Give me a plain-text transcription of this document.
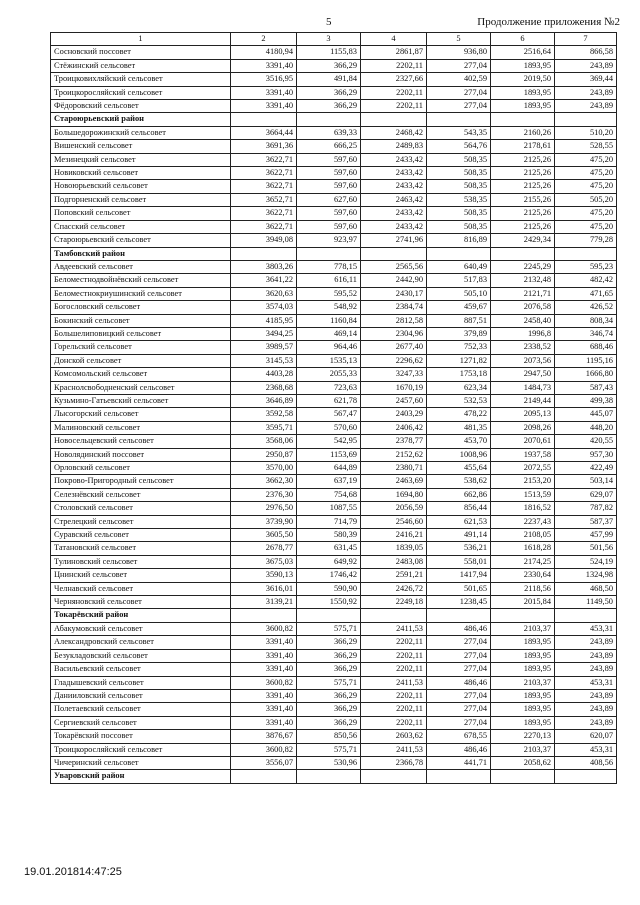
5	Продолжение приложения №2
1	2	3	4	5	6	7
Сосновский поссовет	4180,94	1155,83	2861,87	936,80	2516,64	866,58
Стёжинский сельсовет	3391,40	366,29	2202,11	277,04	1893,95	243,89
Троицковихляйский сельсовет	3516,95	491,84	2327,66	402,59	2019,50	369,44
Троицкоросляйский сельсовет	3391,40	366,29	2202,11	277,04	1893,95	243,89
Фёдоровский сельсовет	3391,40	366,29	2202,11	277,04	1893,95	243,89
Староюрьевский район						
Большедорожинский сельсовет	3664,44	639,33	2468,42	543,35	2160,26	510,20
Вишенский сельсовет	3691,36	666,25	2489,83	564,76	2178,61	528,55
Мезинецкий сельсовет	3622,71	597,60	2433,42	508,35	2125,26	475,20
Новиковский сельсовет	3622,71	597,60	2433,42	508,35	2125,26	475,20
Новоюрьевский сельсовет	3622,71	597,60	2433,42	508,35	2125,26	475,20
Подгорненский сельсовет	3652,71	627,60	2463,42	538,35	2155,26	505,20
Поповский сельсовет	3622,71	597,60	2433,42	508,35	2125,26	475,20
Спасский сельсовет	3622,71	597,60	2433,42	508,35	2125,26	475,20
Староюрьевский сельсовет	3949,08	923,97	2741,96	816,89	2429,34	779,28
Тамбовский район						
Авдеевский сельсовет	3803,26	778,15	2565,56	640,49	2245,29	595,23
Беломестнодвойнёвский сельсовет	3641,22	616,11	2442,90	517,83	2132,48	482,42
Беломестнокриушинский сельсовет	3620,63	595,52	2430,17	505,10	2121,71	471,65
Богословский сельсовет	3574,03	548,92	2384,74	459,67	2076,58	426,52
Бокинский сельсовет	4185,95	1160,84	2812,58	887,51	2458,40	808,34
Большелиповицкий сельсовет	3494,25	469,14	2304,96	379,89	1996,8	346,74
Горельский сельсовет	3989,57	964,46	2677,40	752,33	2338,52	688,46
Донской сельсовет	3145,53	1535,13	2296,62	1271,82	2073,56	1195,16
Комсомольский сельсовет	4403,28	2055,33	3247,33	1753,18	2947,50	1666,80
Краснолсвободненский сельсовет	2368,68	723,63	1670,19	623,34	1484,73	587,43
Кузьмино-Гатьевский сельсовет	3646,89	621,78	2457,60	532,53	2149,44	499,38
Лысогорский сельсовет	3592,58	567,47	2403,29	478,22	2095,13	445,07
Малиновский сельсовет	3595,71	570,60	2406,42	481,35	2098,26	448,20
Новосельцевский сельсовет	3568,06	542,95	2378,77	453,70	2070,61	420,55
Новолядинский поссовет	2950,87	1153,69	2152,62	1008,96	1937,58	957,30
Орловский сельсовет	3570,00	644,89	2380,71	455,64	2072,55	422,49
Покрово-Пригородный сельсовет	3662,30	637,19	2463,69	538,62	2153,20	503,14
Селезнёвский сельсовет	2376,30	754,68	1694,80	662,86	1513,59	629,07
Столовский сельсовет	2976,50	1087,55	2056,59	856,44	1816,52	787,82
Стрелецкий сельсовет	3739,90	714,79	2546,60	621,53	2237,43	587,37
Суравский сельсовет	3605,50	580,39	2416,21	491,14	2108,05	457,99
Татановский сельсовет	2678,77	631,45	1839,05	536,21	1618,28	501,56
Тулиновский сельсовет	3675,03	649,92	2483,08	558,01	2174,25	524,19
Цнинский сельсовет	3590,13	1746,42	2591,21	1417,94	2330,64	1324,98
Челнавский сельсовет	3616,01	590,90	2426,72	501,65	2118,56	468,50
Черняновский сельсовет	3139,21	1550,92	2249,18	1238,45	2015,84	1149,50
Токарёвский район						
Абакумовский сельсовет	3600,82	575,71	2411,53	486,46	2103,37	453,31
Александровский сельсовет	3391,40	366,29	2202,11	277,04	1893,95	243,89
Безукладовский сельсовет	3391,40	366,29	2202,11	277,04	1893,95	243,89
Васильевский сельсовет	3391,40	366,29	2202,11	277,04	1893,95	243,89
Гладышевский сельсовет	3600,82	575,71	2411,53	486,46	2103,37	453,31
Данииловский сельсовет	3391,40	366,29	2202,11	277,04	1893,95	243,89
Полетаевский сельсовет	3391,40	366,29	2202,11	277,04	1893,95	243,89
Сергиевский сельсовет	3391,40	366,29	2202,11	277,04	1893,95	243,89
Токарёвский поссовет	3876,67	850,56	2603,62	678,55	2270,13	620,07
Троицкоросляйский сельсовет	3600,82	575,71	2411,53	486,46	2103,37	453,31
Чичеринский сельсовет	3556,07	530,96	2366,78	441,71	2058,62	408,56
Уваровский район						
19.01.201814:47:25
